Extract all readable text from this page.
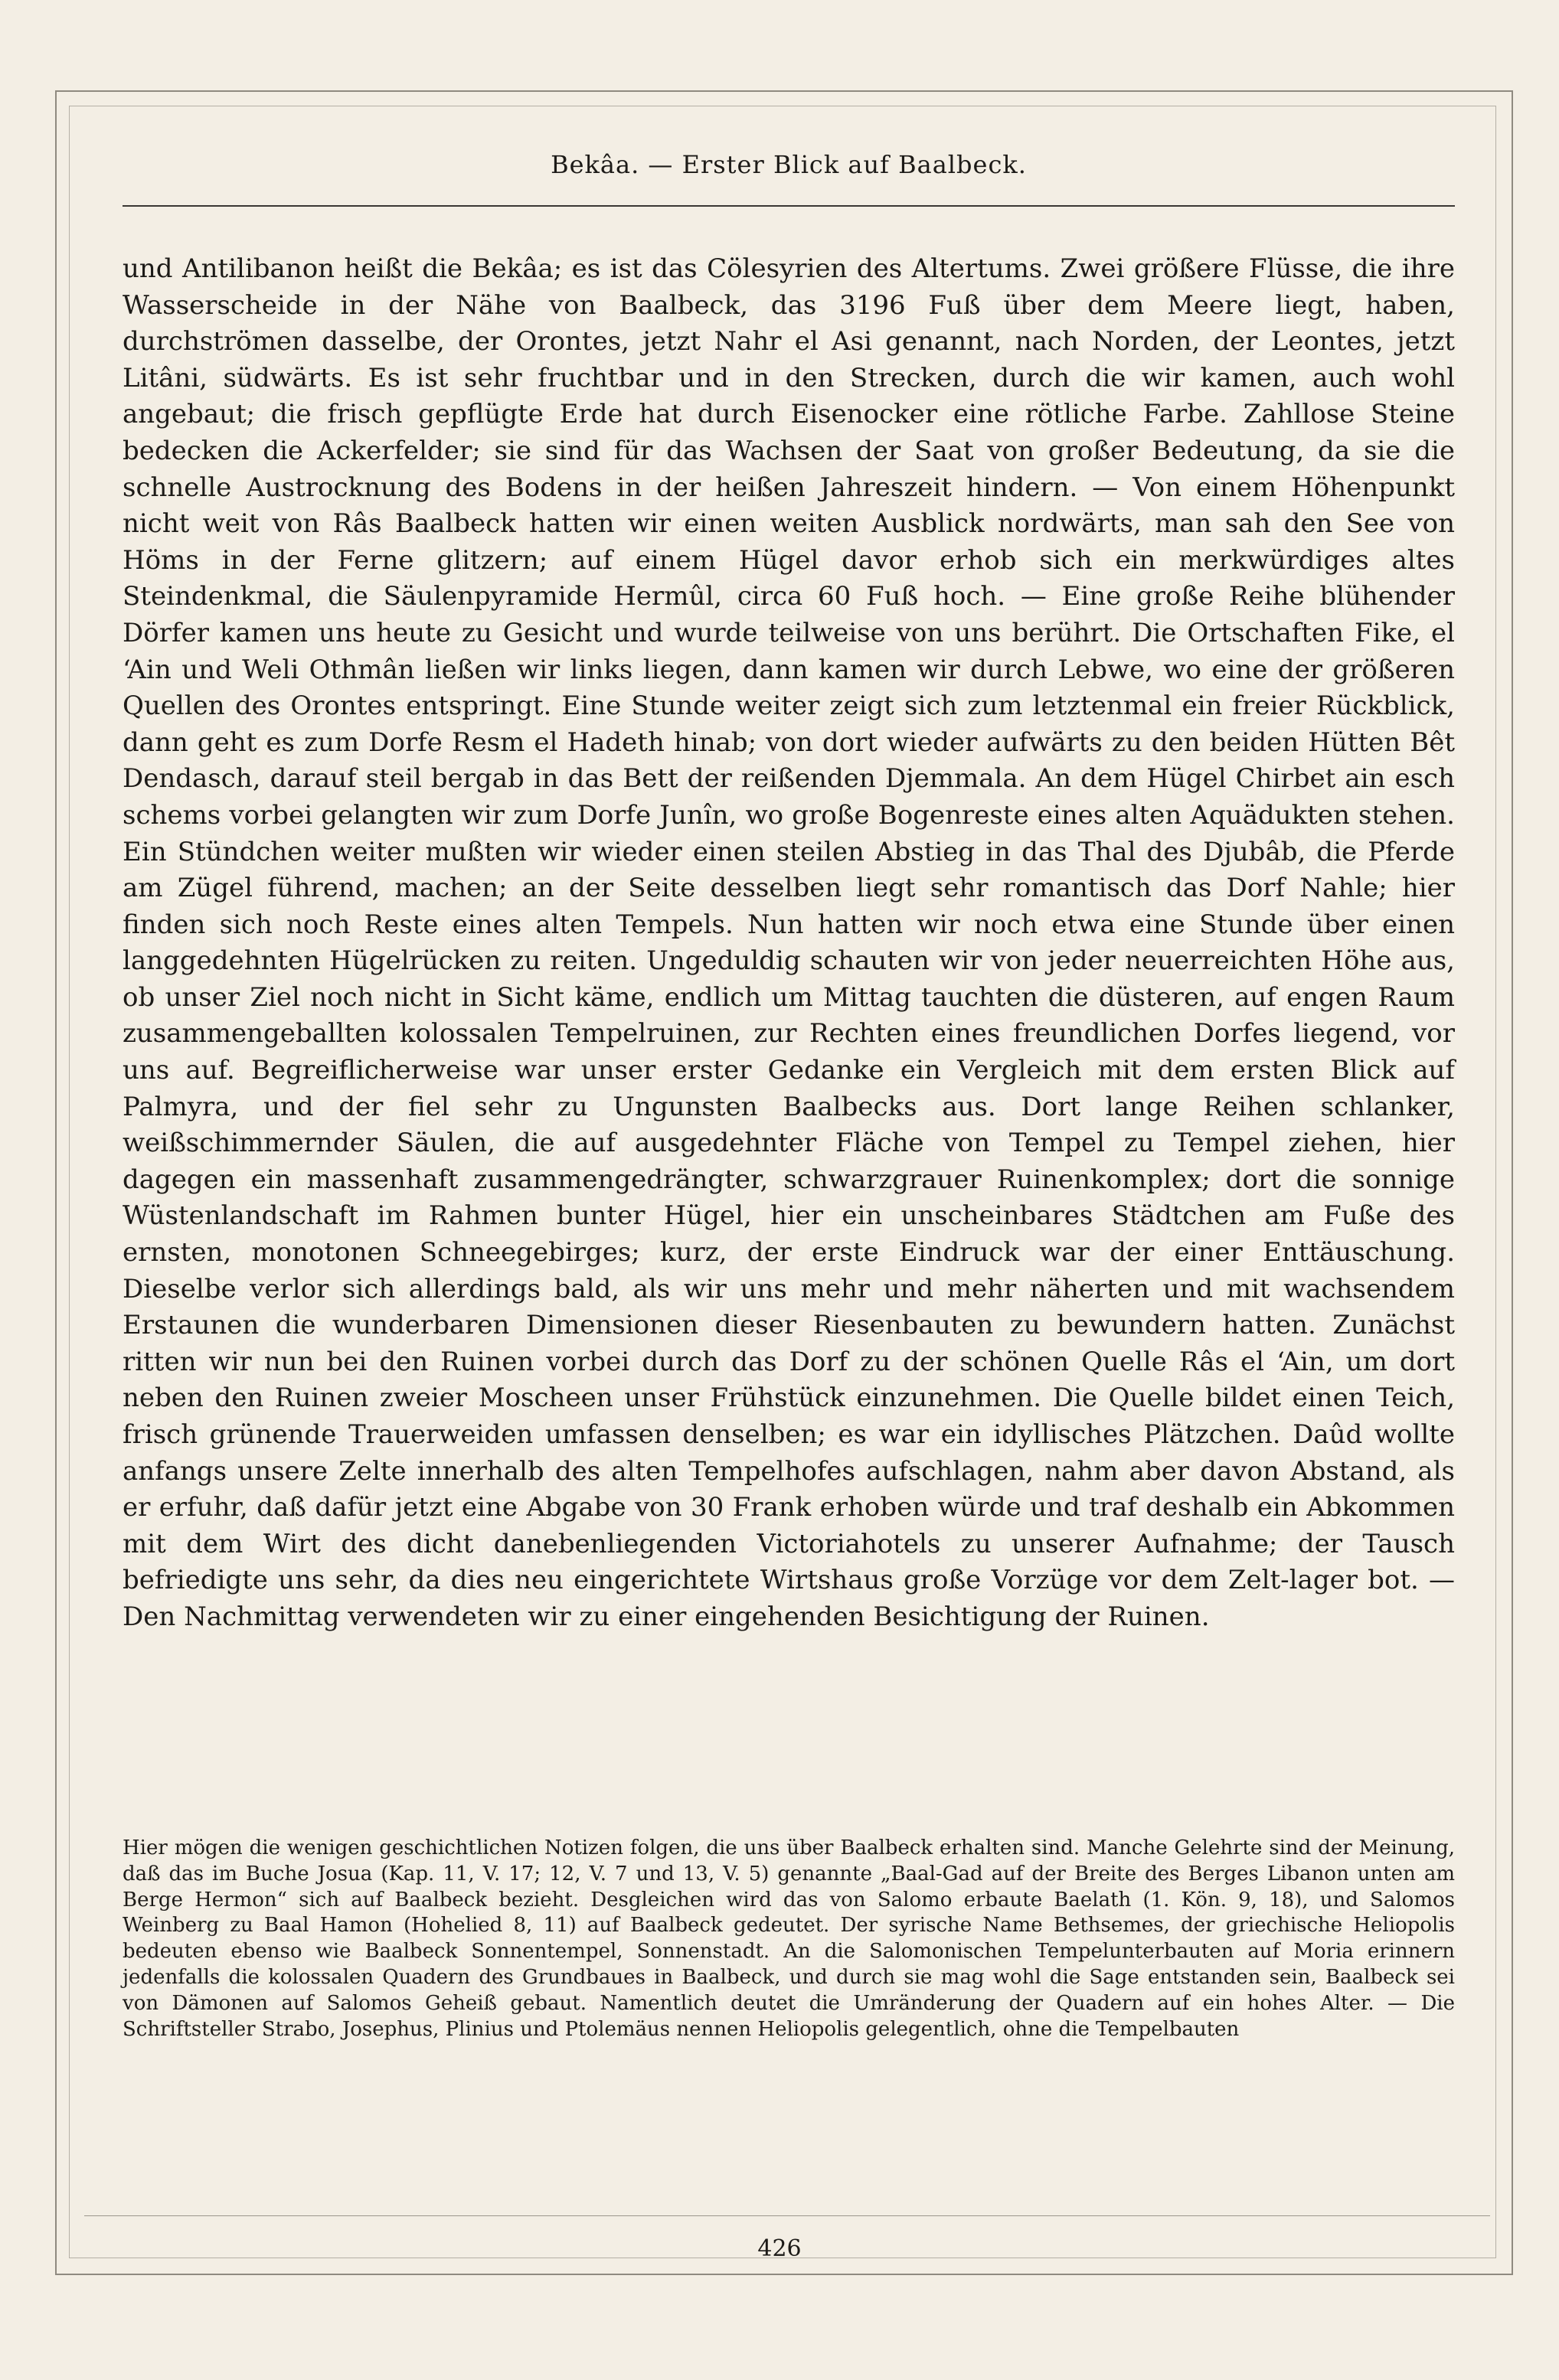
Bekâa. — Erster Blick auf Baalbeck.

und Antilibanon heißt die Bekâa; es ist das Cölesyrien des Altertums. Zwei größere Flüsse, die ihre Wasserscheide in der Nähe von Baalbeck, das 3196 Fuß über dem Meere liegt, haben, durchströmen dasselbe, der Orontes, jetzt Nahr el Asi genannt, nach Norden, der Leontes, jetzt Litâni, südwärts. Es ist sehr fruchtbar und in den Strecken, durch die wir kamen, auch wohl angebaut; die frisch gepflügte Erde hat durch Eisenocker eine rötliche Farbe. Zahllose Steine bedecken die Ackerfelder; sie sind für das Wachsen der Saat von großer Bedeutung, da sie die schnelle Austrocknung des Bodens in der heißen Jahreszeit hindern. — Von einem Höhenpunkt nicht weit von Râs Baalbeck hatten wir einen weiten Ausblick nordwärts, man sah den See von Höms in der Ferne glitzern; auf einem Hügel davor erhob sich ein merkwürdiges altes Steindenkmal, die Säulenpyramide Hermûl, circa 60 Fuß hoch. — Eine große Reihe blühender Dörfer kamen uns heute zu Gesicht und wurde teilweise von uns berührt. Die Ortschaften Fike, el ‘Ain und Weli Othmân ließen wir links liegen, dann kamen wir durch Lebwe, wo eine der größeren Quellen des Orontes entspringt. Eine Stunde weiter zeigt sich zum letztenmal ein freier Rückblick, dann geht es zum Dorfe Resm el Hadeth hinab; von dort wieder aufwärts zu den beiden Hütten Bêt Dendasch, darauf steil bergab in das Bett der reißenden Djemmala. An dem Hügel Chirbet ain esch schems vorbei gelangten wir zum Dorfe Junîn, wo große Bogenreste eines alten Aquädukten stehen. Ein Stündchen weiter mußten wir wieder einen steilen Abstieg in das Thal des Djubâb, die Pferde am Zügel führend, machen; an der Seite desselben liegt sehr romantisch das Dorf Nahle; hier finden sich noch Reste eines alten Tempels. Nun hatten wir noch etwa eine Stunde über einen langgedehnten Hügelrücken zu reiten. Ungeduldig schauten wir von jeder neuerreichten Höhe aus, ob unser Ziel noch nicht in Sicht käme, endlich um Mittag tauchten die düsteren, auf engen Raum zusammengeballten kolossalen Tempelruinen, zur Rechten eines freundlichen Dorfes liegend, vor uns auf. Begreiflicherweise war unser erster Gedanke ein Vergleich mit dem ersten Blick auf Palmyra, und der fiel sehr zu Ungunsten Baalbecks aus. Dort lange Reihen schlanker, weißschimmernder Säulen, die auf ausgedehnter Fläche von Tempel zu Tempel ziehen, hier dagegen ein massenhaft zusammengedrängter, schwarzgrauer Ruinenkomplex; dort die sonnige Wüstenlandschaft im Rahmen bunter Hügel, hier ein unscheinbares Städtchen am Fuße des ernsten, monotonen Schneegebirges; kurz, der erste Eindruck war der einer Enttäuschung. Dieselbe verlor sich allerdings bald, als wir uns mehr und mehr näherten und mit wachsendem Erstaunen die wunderbaren Dimensionen dieser Riesenbauten zu bewundern hatten. Zunächst ritten wir nun bei den Ruinen vorbei durch das Dorf zu der schönen Quelle Râs el ‘Ain, um dort neben den Ruinen zweier Moscheen unser Frühstück einzunehmen. Die Quelle bildet einen Teich, frisch grünende Trauerweiden umfassen denselben; es war ein idyllisches Plätzchen. Daûd wollte anfangs unsere Zelte innerhalb des alten Tempelhofes aufschlagen, nahm aber davon Abstand, als er erfuhr, daß dafür jetzt eine Abgabe von 30 Frank erhoben würde und traf deshalb ein Abkommen mit dem Wirt des dicht danebenliegenden Victoriahotels zu unserer Aufnahme; der Tausch befriedigte uns sehr, da dies neu eingerichtete Wirtshaus große Vorzüge vor dem Zelt-lager bot. — Den Nachmittag verwendeten wir zu einer eingehenden Besichtigung der Ruinen.

Hier mögen die wenigen geschichtlichen Notizen folgen, die uns über Baalbeck erhalten sind. Manche Gelehrte sind der Meinung, daß das im Buche Josua (Kap. 11, V. 17; 12, V. 7 und 13, V. 5) genannte „Baal-Gad auf der Breite des Berges Libanon unten am Berge Hermon“ sich auf Baalbeck bezieht. Desgleichen wird das von Salomo erbaute Baelath (1. Kön. 9, 18), und Salomos Weinberg zu Baal Hamon (Hohelied 8, 11) auf Baalbeck gedeutet. Der syrische Name Bethsemes, der griechische Heliopolis bedeuten ebenso wie Baalbeck Sonnentempel, Sonnenstadt. An die Salomonischen Tempelunterbauten auf Moria erinnern jedenfalls die kolossalen Quadern des Grundbaues in Baalbeck, und durch sie mag wohl die Sage entstanden sein, Baalbeck sei von Dämonen auf Salomos Geheiß gebaut. Namentlich deutet die Umränderung der Quadern auf ein hohes Alter. — Die Schriftsteller Strabo, Josephus, Plinius und Ptolemäus nennen Heliopolis gelegentlich, ohne die Tempelbauten

426
